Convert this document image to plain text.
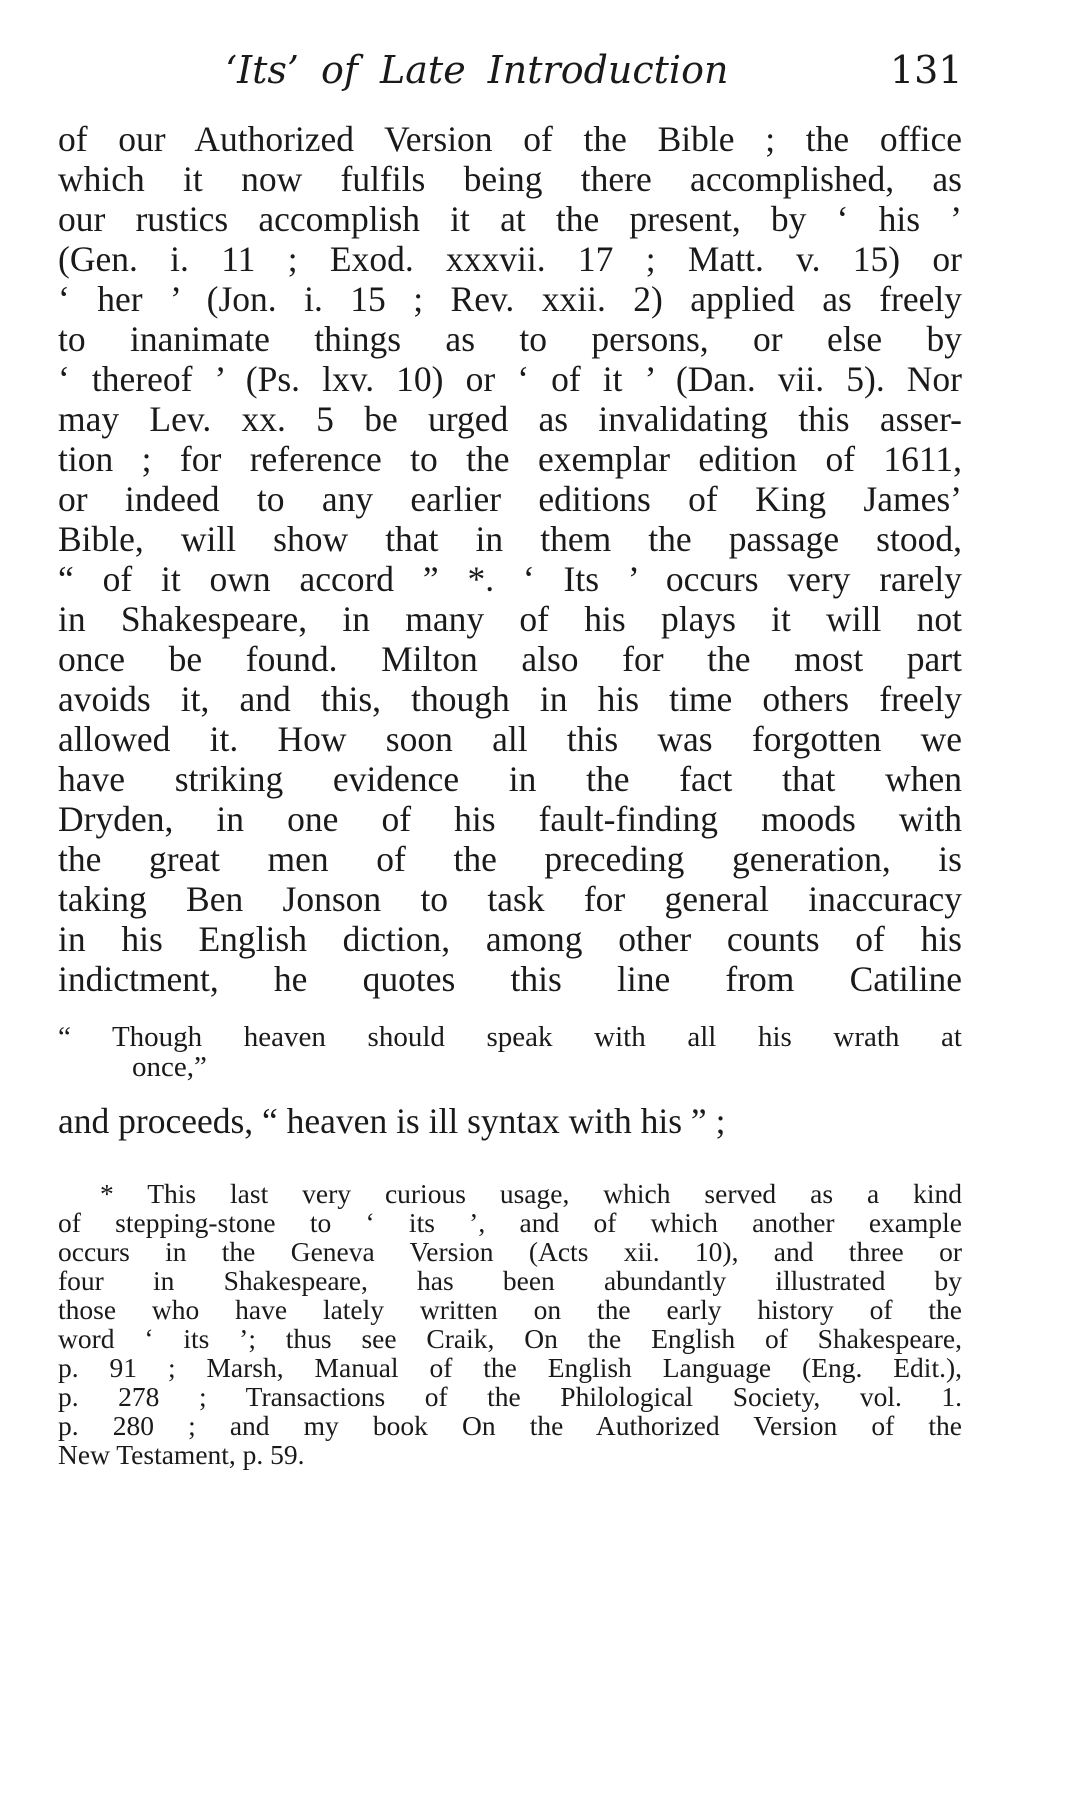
‘Its’ of Late Introduction	131
of our Authorized Version of the Bible ; the office
which it now fulfils being there accomplished, as
our rustics accomplish it at the present, by ‘ his ’
(Gen. i. 11 ; Exod. xxxvii. 17 ; Matt. v. 15) or
‘ her ’ (Jon. i. 15 ; Rev. xxii. 2) applied as freely
to inanimate things as to persons, or else by
‘ thereof ’ (Ps. lxv. 10) or ‘ of it ’ (Dan. vii. 5). Nor
may Lev. xx. 5 be urged as invalidating this asser-
tion ; for reference to the exemplar edition of 1611,
or indeed to any earlier editions of King James’
Bible, will show that in them the passage stood,
“ of it own accord ” *. ‘ Its ’ occurs very rarely
in Shakespeare, in many of his plays it will not
once be found. Milton also for the most part
avoids it, and this, though in his time others freely
allowed it. How soon all this was forgotten we
have striking evidence in the fact that when
Dryden, in one of his fault-finding moods with
the great men of the preceding generation, is
taking Ben Jonson to task for general inaccuracy
in his English diction, among other counts of his
indictment, he quotes this line from Catiline
“ Though heaven should speak with all his wrath at
once,”
and proceeds, “ heaven is ill syntax with his ” ;
* This last very curious usage, which served as a kind
of stepping-stone to ‘ its ’, and of which another example
occurs in the Geneva Version (Acts xii. 10), and three or
four in Shakespeare, has been abundantly illustrated by
those who have lately written on the early history of the
word ‘ its ’; thus see Craik, On the English of Shakespeare,
p. 91 ; Marsh, Manual of the English Language (Eng. Edit.),
p. 278 ; Transactions of the Philological Society, vol. 1.
p. 280 ; and my book On the Authorized Version of the
New Testament, p. 59.
